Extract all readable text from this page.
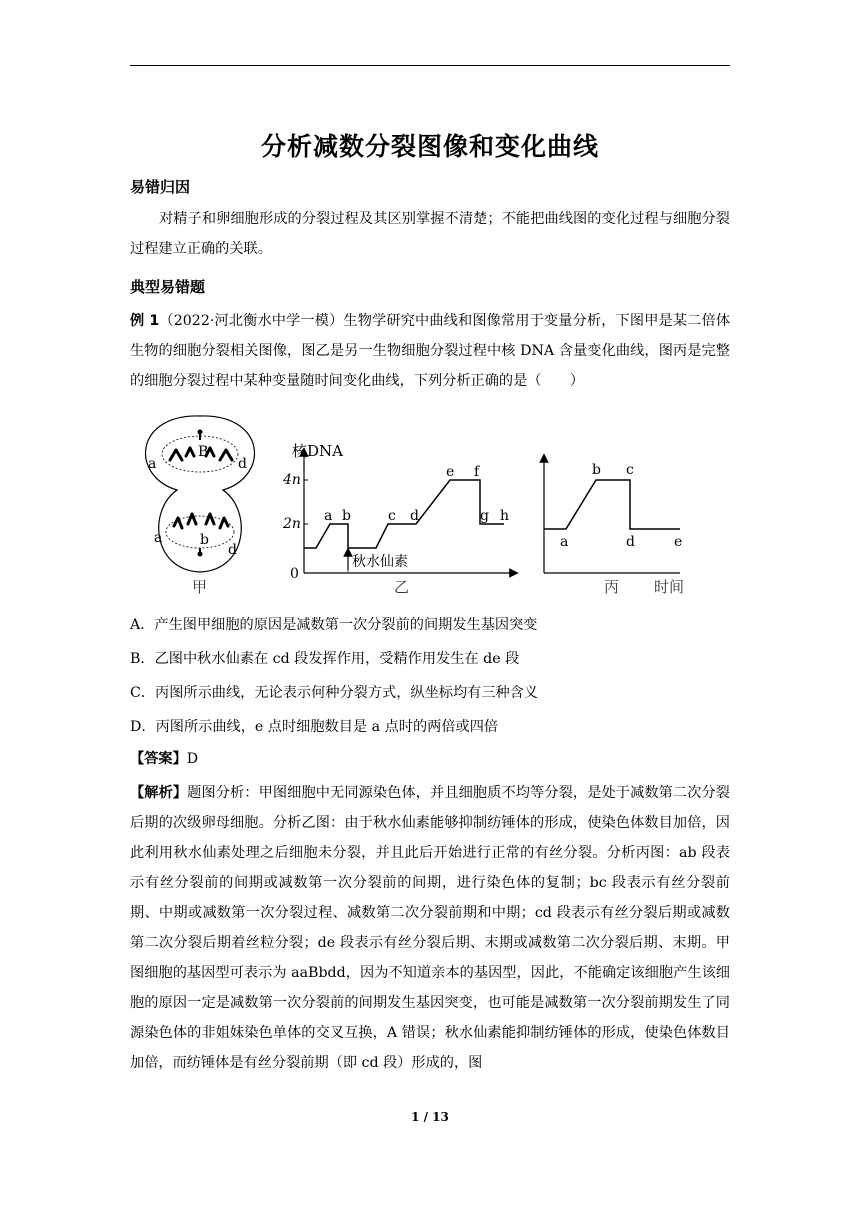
分析减数分裂图像和变化曲线
易错归因
对精子和卵细胞形成的分裂过程及其区别掌握不清楚；不能把曲线图的变化过程与细胞分裂过程建立正确的关联。
典型易错题
例 1（2022·河北衡水中学一模）生物学研究中曲线和图像常用于变量分析，下图甲是某二倍体生物的细胞分裂相关图像，图乙是另一生物细胞分裂过程中核 DNA 含量变化曲线，图丙是完整的细胞分裂过程中某种变量随时间变化曲线，下列分析正确的是（　　）
a
B
d
a	b
d
甲
核DNA
4n
2n
0
秋水仙素
a b	c d
e f
g h
乙
a
b c
d	e
丙 时间
A．产生图甲细胞的原因是减数第一次分裂前的间期发生基因突变
B．乙图中秋水仙素在 cd 段发挥作用，受精作用发生在 de 段
C．丙图所示曲线，无论表示何种分裂方式，纵坐标均有三种含义
D．丙图所示曲线，e 点时细胞数目是 a 点时的两倍或四倍
【答案】D
【解析】题图分析：甲图细胞中无同源染色体，并且细胞质不均等分裂，是处于减数第二次分裂后期的次级卵母细胞。分析乙图：由于秋水仙素能够抑制纺锤体的形成，使染色体数目加倍，因此利用秋水仙素处理之后细胞未分裂，并且此后开始进行正常的有丝分裂。分析丙图：ab 段表示有丝分裂前的间期或减数第一次分裂前的间期，进行染色体的复制；bc 段表示有丝分裂前期、中期或减数第一次分裂过程、减数第二次分裂前期和中期；cd 段表示有丝分裂后期或减数第二次分裂后期着丝粒分裂；de 段表示有丝分裂后期、末期或减数第二次分裂后期、末期。甲图细胞的基因型可表示为 aaBbdd，因为不知道亲本的基因型，因此，不能确定该细胞产生该细胞的原因一定是减数第一次分裂前的间期发生基因突变，也可能是减数第一次分裂前期发生了同源染色体的非姐妹染色单体的交叉互换，A 错误；秋水仙素能抑制纺锤体的形成，使染色体数目加倍，而纺锤体是有丝分裂前期（即 cd 段）形成的，图
1 / 13
